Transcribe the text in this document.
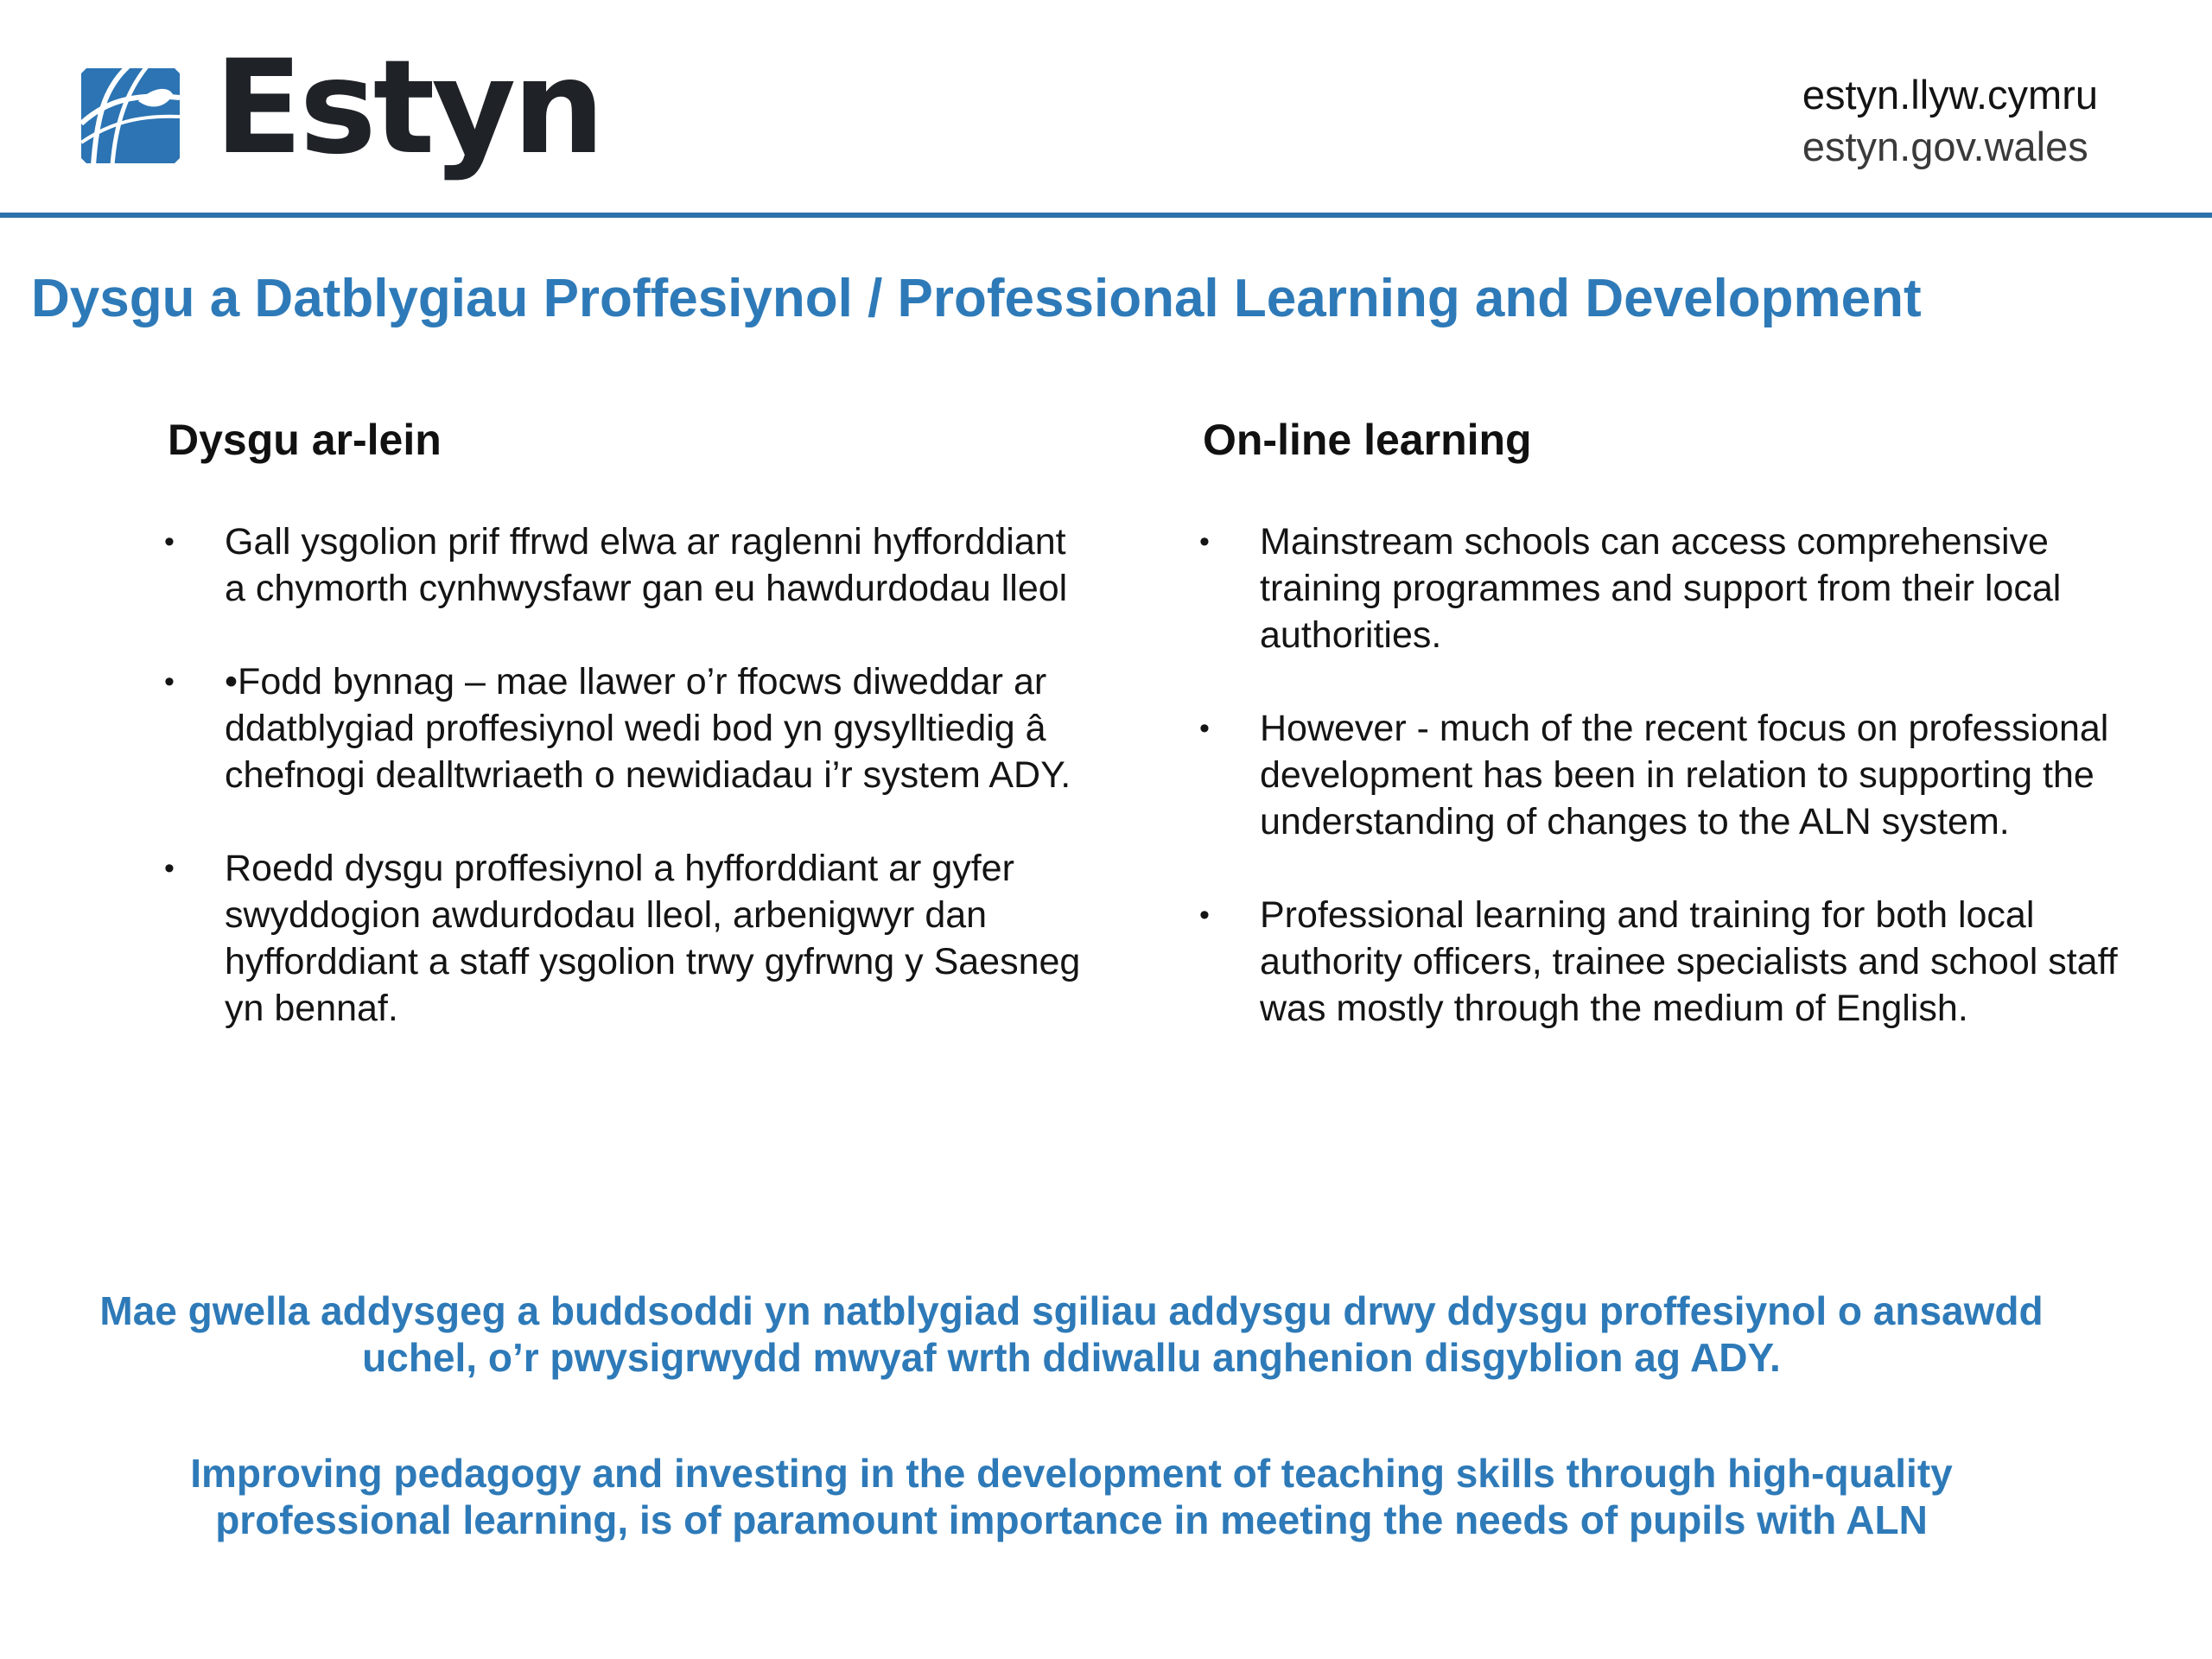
Estyn	estyn.llyw.cymru
estyn.gov.wales
Dysgu a Datblygiau Proffesiynol / Professional Learning and Development
Dysgu ar-lein
• Gall ysgolion prif ffrwd elwa ar raglenni hyfforddiant a chymorth cynhwysfawr gan eu hawdurdodau lleol
• •Fodd bynnag – mae llawer o’r ffocws diweddar ar ddatblygiad proffesiynol wedi bod yn gysylltiedig â chefnogi dealltwriaeth o newidiadau i’r system ADY.
• Roedd dysgu proffesiynol a hyfforddiant ar gyfer swyddogion awdurdodau lleol, arbenigwyr dan hyfforddiant a staff ysgolion trwy gyfrwng y Saesneg yn bennaf.
On-line learning
• Mainstream schools can access comprehensive training programmes and support from their local authorities.
• However - much of the recent focus on professional development has been in relation to supporting the understanding of changes to the ALN system.
• Professional learning and training for both local authority officers, trainee specialists and school staff was mostly through the medium of English.
Mae gwella addysgeg a buddsoddi yn natblygiad sgiliau addysgu drwy ddysgu proffesiynol o ansawdd uchel, o’r pwysigrwydd mwyaf wrth ddiwallu anghenion disgyblion ag ADY.
Improving pedagogy and investing in the development of teaching skills through high-quality professional learning, is of paramount importance in meeting the needs of pupils with ALN
